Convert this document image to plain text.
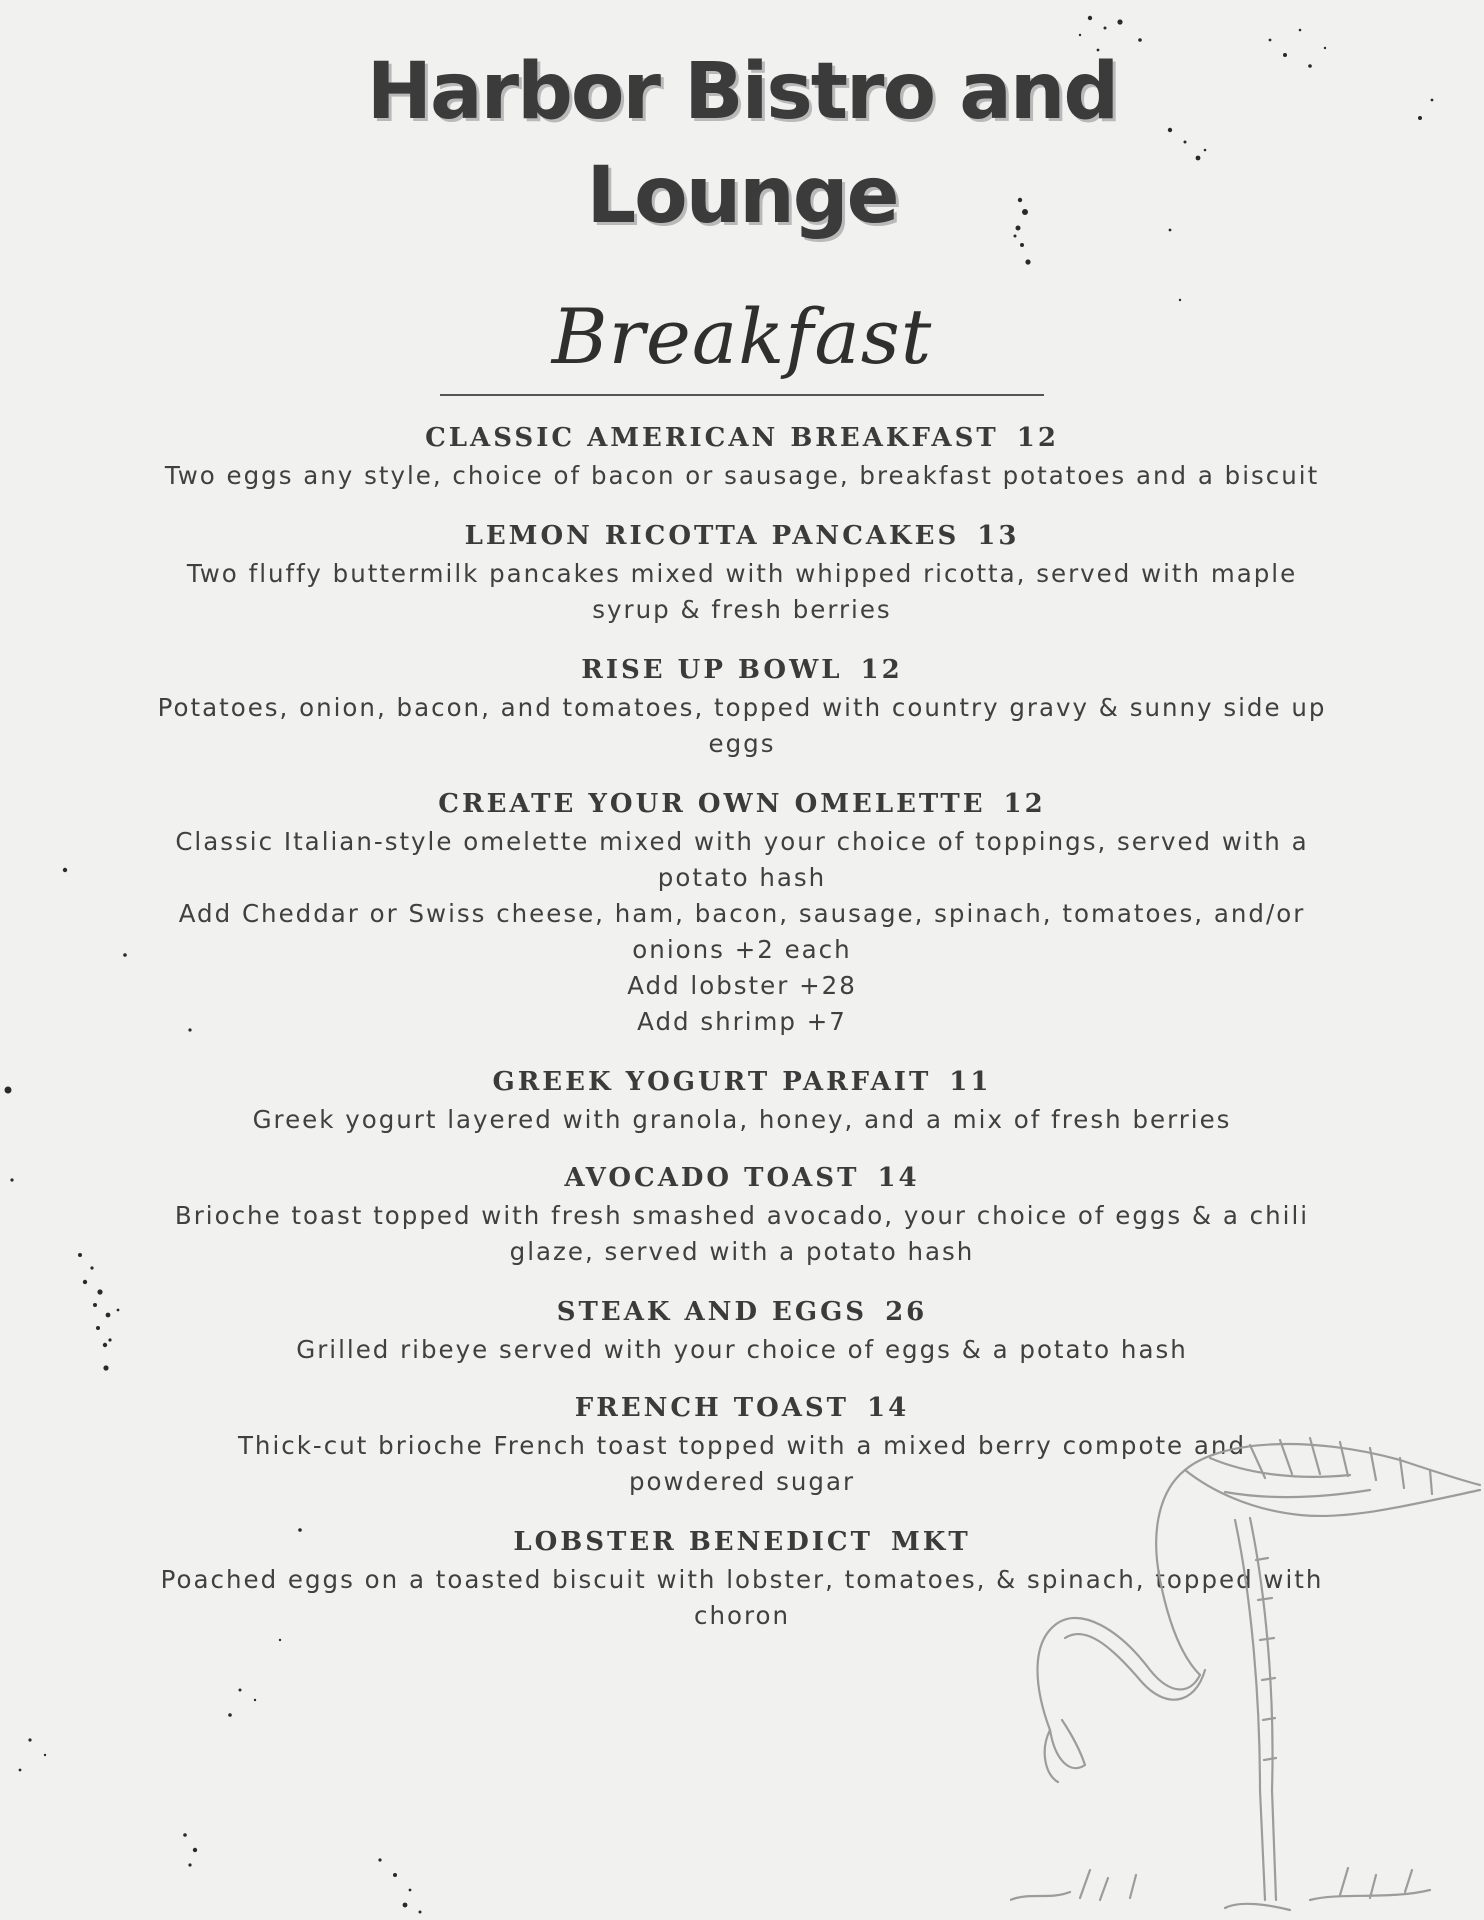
Harbor Bistro and
Lounge
Breakfast
CLASSIC AMERICAN BREAKFAST 12
Two eggs any style, choice of bacon or sausage, breakfast potatoes and a biscuit
LEMON RICOTTA PANCAKES 13
Two fluffy buttermilk pancakes mixed with whipped ricotta, served with maple
syrup & fresh berries
RISE UP BOWL 12
Potatoes, onion, bacon, and tomatoes, topped with country gravy & sunny side up
eggs
CREATE YOUR OWN OMELETTE 12
Classic Italian-style omelette mixed with your choice of toppings, served with a
potato hash
Add Cheddar or Swiss cheese, ham, bacon, sausage, spinach, tomatoes, and/or
onions +2 each
Add lobster +28
Add shrimp +7
GREEK YOGURT PARFAIT 11
Greek yogurt layered with granola, honey, and a mix of fresh berries
AVOCADO TOAST 14
Brioche toast topped with fresh smashed avocado, your choice of eggs & a chili
glaze, served with a potato hash
STEAK AND EGGS 26
Grilled ribeye served with your choice of eggs & a potato hash
FRENCH TOAST 14
Thick-cut brioche French toast topped with a mixed berry compote and
powdered sugar
LOBSTER BENEDICT MKT
Poached eggs on a toasted biscuit with lobster, tomatoes, & spinach, topped with
choron
